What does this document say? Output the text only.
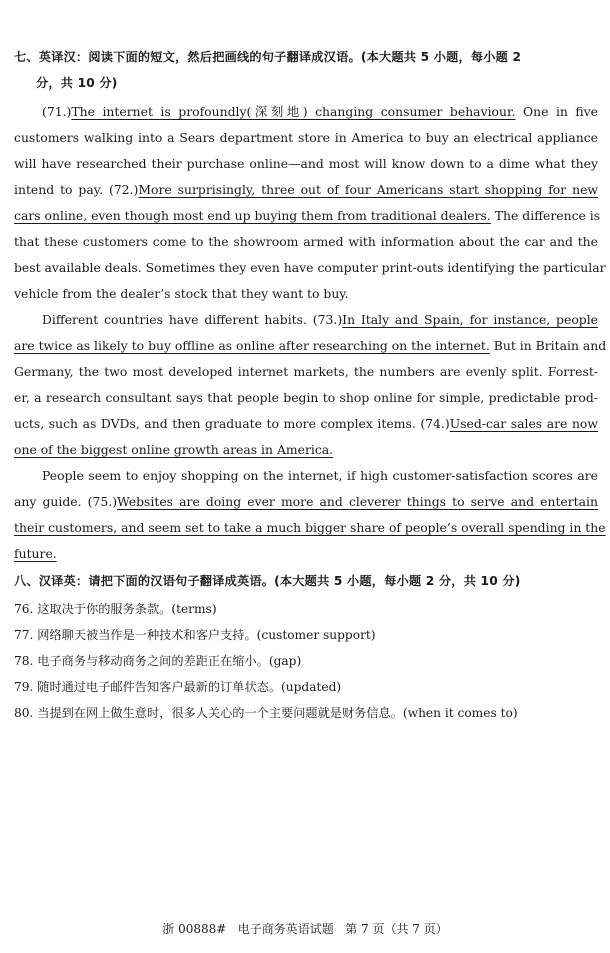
七、英译汉：阅读下面的短文，然后把画线的句子翻译成汉语。(本大题共 5 小题，每小题 2
分，共 10 分)
(71.)The internet is profoundly(深刻地) changing consumer behaviour. One in five
customers walking into a Sears department store in America to buy an electrical appliance
will have researched their purchase online—and most will know down to a dime what they
intend to pay. (72.)More surprisingly, three out of four Americans start shopping for new
cars online, even though most end up buying them from traditional dealers. The difference is
that these customers come to the showroom armed with information about the car and the
best available deals. Sometimes they even have computer print-outs identifying the particular
vehicle from the dealer’s stock that they want to buy.
Different countries have different habits. (73.)In Italy and Spain, for instance, people
are twice as likely to buy offline as online after researching on the internet. But in Britain and
Germany, the two most developed internet markets, the numbers are evenly split. Forrest-
er, a research consultant says that people begin to shop online for simple, predictable prod-
ucts, such as DVDs, and then graduate to more complex items. (74.)Used-car sales are now
one of the biggest online growth areas in America.
People seem to enjoy shopping on the internet, if high customer-satisfaction scores are
any guide. (75.)Websites are doing ever more and cleverer things to serve and entertain
their customers, and seem set to take a much bigger share of people’s overall spending in the
future.
八、汉译英：请把下面的汉语句子翻译成英语。(本大题共 5 小题，每小题 2 分，共 10 分)
76. 这取决于你的服务条款。(terms)
77. 网络聊天被当作是一种技术和客户支持。(customer support)
78. 电子商务与移动商务之间的差距正在缩小。(gap)
79. 随时通过电子邮件告知客户最新的订单状态。(updated)
80. 当提到在网上做生意时，很多人关心的一个主要问题就是财务信息。(when it comes to)
浙 00888#   电子商务英语试题   第 7 页（共 7 页）
